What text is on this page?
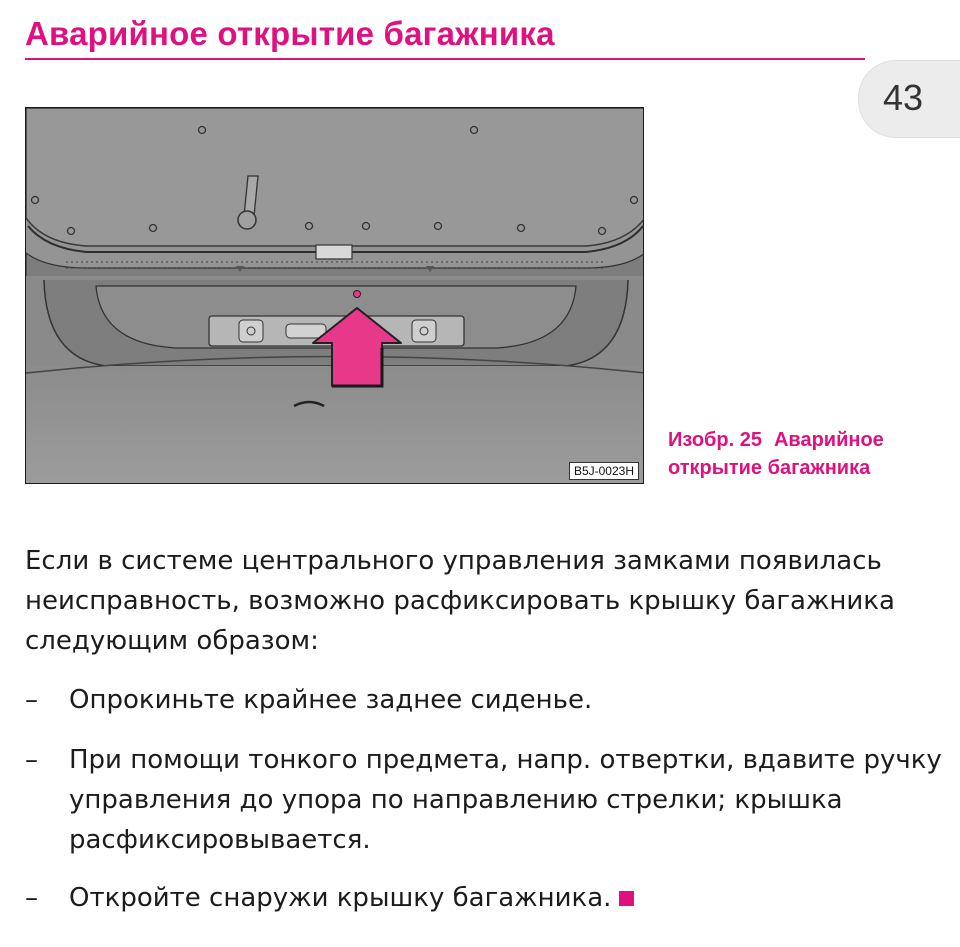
Аварийное открытие багажника
43
B5J-0023H
Изобр. 25 Аварийное открытие багажника

Если в системе центрального управления замками появилась неисправность, возможно расфиксировать крышку багажника следующим образом:

–	Опрокиньте крайнее заднее сиденье.
–	При помощи тонкого предмета, напр. отвертки, вдавите ручку управления до упора по направлению стрелки; крышка расфиксировывается.
–	Откройте снаружи крышку багажника.
